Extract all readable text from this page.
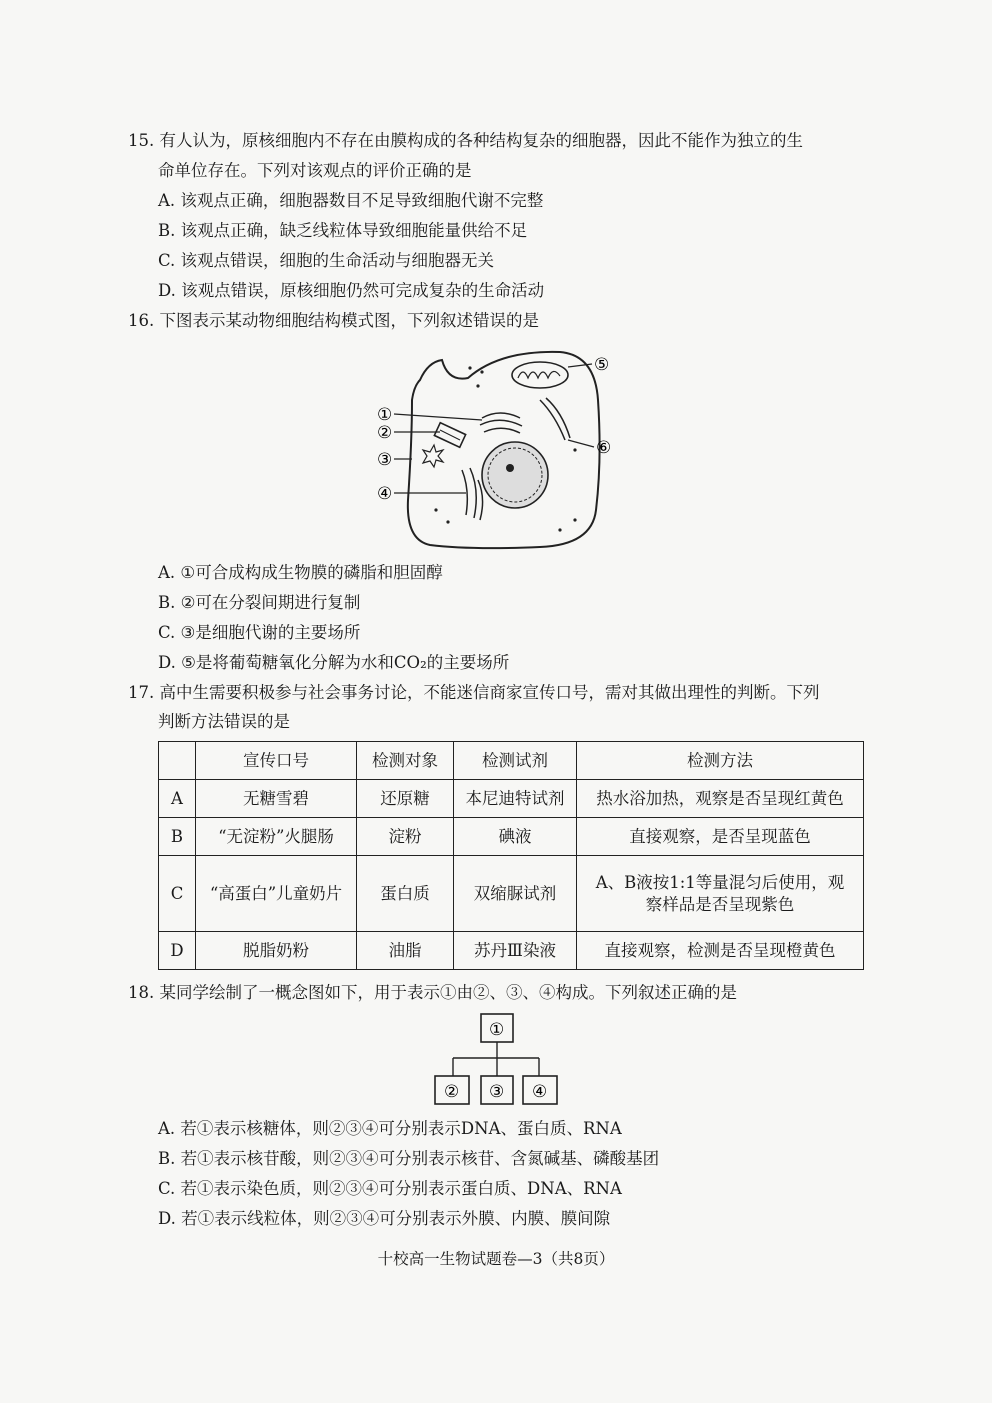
15. 有人认为，原核细胞内不存在由膜构成的各种结构复杂的细胞器，因此不能作为独立的生
命单位存在。下列对该观点的评价正确的是
A. 该观点正确，细胞器数目不足导致细胞代谢不完整
B. 该观点正确，缺乏线粒体导致细胞能量供给不足
C. 该观点错误，细胞的生命活动与细胞器无关
D. 该观点错误，原核细胞仍然可完成复杂的生命活动
16. 下图表示某动物细胞结构模式图，下列叙述错误的是
①
②
③
④
⑤
⑥
A. ①可合成构成生物膜的磷脂和胆固醇
B. ②可在分裂间期进行复制
C. ③是细胞代谢的主要场所
D. ⑤是将葡萄糖氧化分解为水和CO₂的主要场所
17. 高中生需要积极参与社会事务讨论，不能迷信商家宣传口号，需对其做出理性的判断。下列
判断方法错误的是
	宣传口号	检测对象	检测试剂	检测方法
A	无糖雪碧	还原糖	本尼迪特试剂	热水浴加热，观察是否呈现红黄色
B	“无淀粉”火腿肠	淀粉	碘液	直接观察，是否呈现蓝色
C	“高蛋白”儿童奶片	蛋白质	双缩脲试剂	A、B液按1:1等量混匀后使用，观
察样品是否呈现紫色

D	脱脂奶粉	油脂	苏丹Ⅲ染液	直接观察，检测是否呈现橙黄色
18. 某同学绘制了一概念图如下，用于表示①由②、③、④构成。下列叙述正确的是
①
② ③ ④
A. 若①表示核糖体，则②③④可分别表示DNA、蛋白质、RNA
B. 若①表示核苷酸，则②③④可分别表示核苷、含氮碱基、磷酸基团
C. 若①表示染色质，则②③④可分别表示蛋白质、DNA、RNA
D. 若①表示线粒体，则②③④可分别表示外膜、内膜、膜间隙
十校高一生物试题卷—3（共8页）
